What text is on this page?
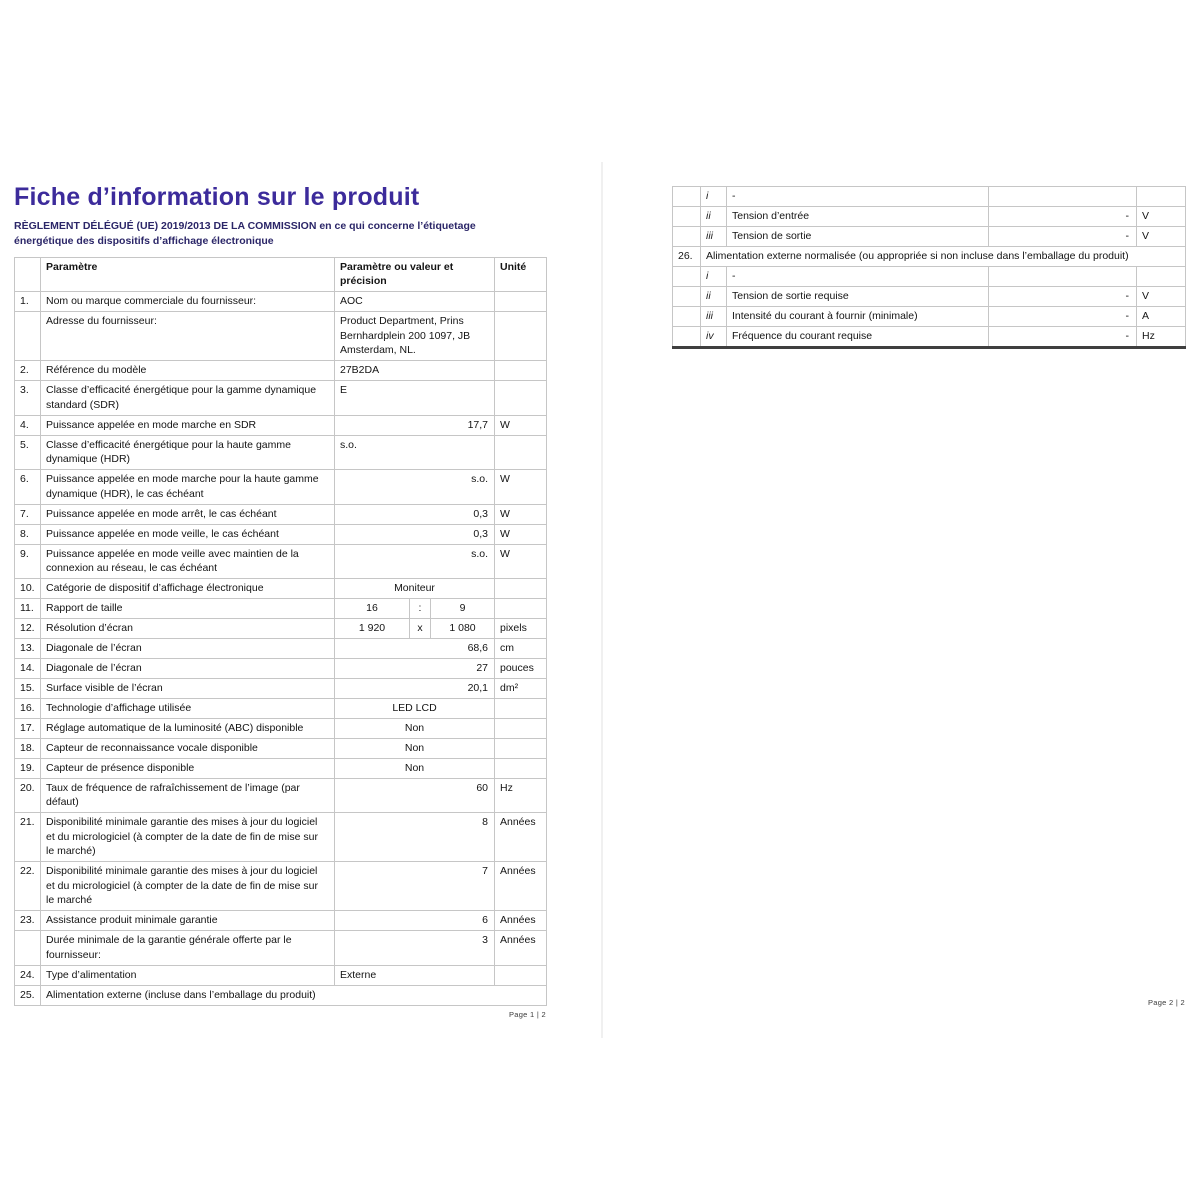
Fiche d’information sur le produit
RÈGLEMENT DÉLÉGUÉ (UE) 2019/2013 DE LA COMMISSION en ce qui concerne l’étiquetage énergétique des dispositifs d’affichage électronique
	Paramètre	Paramètre ou valeur et précision	Unité
1.	Nom ou marque commerciale du fournisseur:	AOC	
	Adresse du fournisseur:	Product Department, Prins Bernhardplein 200 1097, JB Amsterdam, NL.	
2.	Référence du modèle	27B2DA	
3.	Classe d’efficacité énergétique pour la gamme dynamique standard (SDR)	E	
4.	Puissance appelée en mode marche en SDR	17,7	W
5.	Classe d’efficacité énergétique pour la haute gamme dynamique (HDR)	s.o.	
6.	Puissance appelée en mode marche pour la haute gamme dynamique (HDR), le cas échéant	s.o.	W
7.	Puissance appelée en mode arrêt, le cas échéant	0,3	W
8.	Puissance appelée en mode veille, le cas échéant	0,3	W
9.	Puissance appelée en mode veille avec maintien de la connexion au réseau, le cas échéant	s.o.	W
10.	Catégorie de dispositif d’affichage électronique	Moniteur	
11.	Rapport de taille	16 : 9	

12.	Résolution d’écran	1 920 x 1 080	pixels
13.	Diagonale de l’écran	68,6	cm
14.	Diagonale de l’écran	27	pouces
15.	Surface visible de l’écran	20,1	dm²
16.	Technologie d’affichage utilisée	LED LCD	
17.	Réglage automatique de la luminosité (ABC) disponible	Non	
18.	Capteur de reconnaissance vocale disponible	Non	
19.	Capteur de présence disponible	Non	
20.	Taux de fréquence de rafraîchissement de l’image (par défaut)	60	Hz
21.	Disponibilité minimale garantie des mises à jour du logiciel et du micrologiciel (à compter de la date de fin de mise sur le marché)	8	Années
22.	Disponibilité minimale garantie des mises à jour du logiciel et du micrologiciel (à compter de la date de fin de mise sur le marché	7	Années
23.	Assistance produit minimale garantie	6	Années
	Durée minimale de la garantie générale offerte par le fournisseur:	3	Années
24.	Type d’alimentation	Externe	
25.	Alimentation externe (incluse dans l’emballage du produit)		
Page 1 | 2
	i	-		
	ii	Tension d’entrée	-	V
	iii	Tension de sortie	-	V
26.	Alimentation externe normalisée (ou appropriée si non incluse dans l’emballage du produit)			
	i	-		
	ii	Tension de sortie requise	-	V
	iii	Intensité du courant à fournir (minimale)	-	A
	iv	Fréquence du courant requise	-	Hz
Page 2 | 2
